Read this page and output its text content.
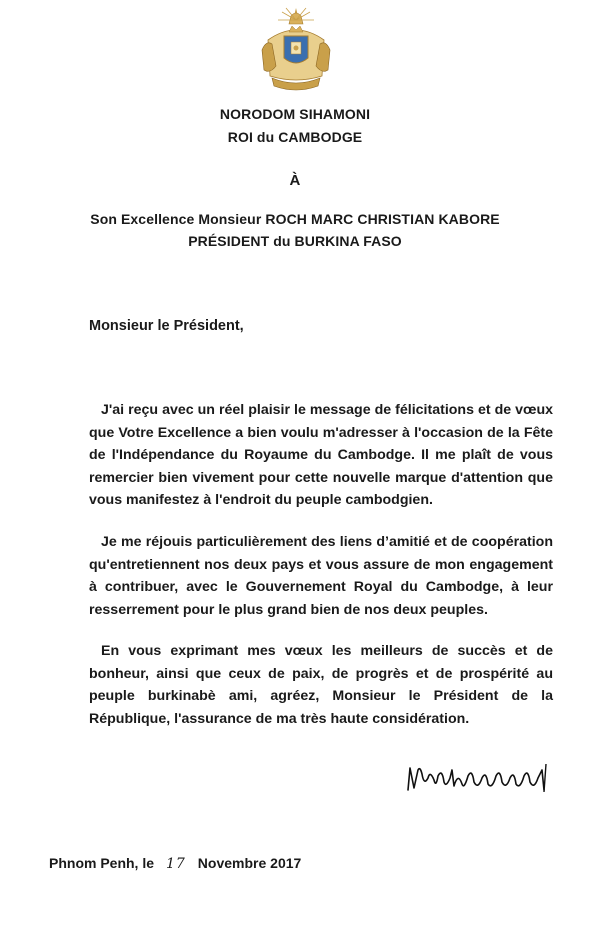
NORODOM SIHAMONI
ROI du CAMBODGE
À
Son Excellence Monsieur ROCH MARC CHRISTIAN KABORE
PRÉSIDENT du BURKINA FASO
Monsieur le Président,
J'ai reçu avec un réel plaisir le message de félicitations et de vœux que Votre Excellence a bien voulu m'adresser à l'occasion de la Fête de l'Indépendance du Royaume du Cambodge. Il me plaît de vous remercier bien vivement pour cette nouvelle marque d'attention que vous manifestez à l'endroit du peuple cambodgien.
Je me réjouis particulièrement des liens d’amitié et de coopération qu'entretiennent nos deux pays et vous assure de mon engagement à contribuer, avec le Gouvernement Royal du Cambodge, à leur resserrement pour le plus grand bien de nos deux peuples.
En vous exprimant mes vœux les meilleurs de succès et de bonheur, ainsi que ceux de paix, de progrès et de prospérité au peuple burkinabè ami, agréez, Monsieur le Président de la République, l'assurance de ma très haute considération.
Phnom Penh, le 17 Novembre 2017
